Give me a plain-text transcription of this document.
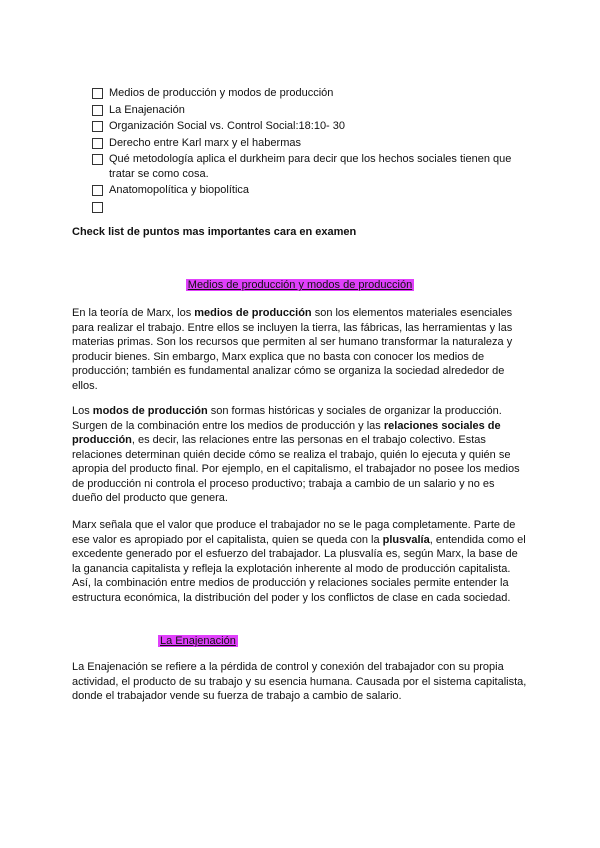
Medios de producción y modos de producción
La Enajenación
Organización Social vs. Control Social:18:10- 30
Derecho entre Karl marx y el habermas
Qué metodología aplica el durkheim para decir que los hechos sociales tienen que tratar se como cosa.
Anatomopolítica y biopolítica
Check list de puntos mas importantes cara en examen
Medios de producción y modos de producción

En la teoría de Marx, los medios de producción son los elementos materiales esenciales para realizar el trabajo. Entre ellos se incluyen la tierra, las fábricas, las herramientas y las materias primas. Son los recursos que permiten al ser humano transformar la naturaleza y producir bienes. Sin embargo, Marx explica que no basta con conocer los medios de producción; también es fundamental analizar cómo se organiza la sociedad alrededor de ellos.

Los modos de producción son formas históricas y sociales de organizar la producción. Surgen de la combinación entre los medios de producción y las relaciones sociales de producción, es decir, las relaciones entre las personas en el trabajo colectivo. Estas relaciones determinan quién decide cómo se realiza el trabajo, quién lo ejecuta y quién se apropia del producto final. Por ejemplo, en el capitalismo, el trabajador no posee los medios de producción ni controla el proceso productivo; trabaja a cambio de un salario y no es dueño del producto que genera.

Marx señala que el valor que produce el trabajador no se le paga completamente. Parte de ese valor es apropiado por el capitalista, quien se queda con la plusvalía, entendida como el excedente generado por el esfuerzo del trabajador. La plusvalía es, según Marx, la base de la ganancia capitalista y refleja la explotación inherente al modo de producción capitalista. Así, la combinación entre medios de producción y relaciones sociales permite entender la estructura económica, la distribución del poder y los conflictos de clase en cada sociedad.

La Enajenación

La Enajenación se refiere a la pérdida de control y conexión del trabajador con su propia actividad, el producto de su trabajo y su esencia humana. Causada por el sistema capitalista, donde el trabajador vende su fuerza de trabajo a cambio de salario.
